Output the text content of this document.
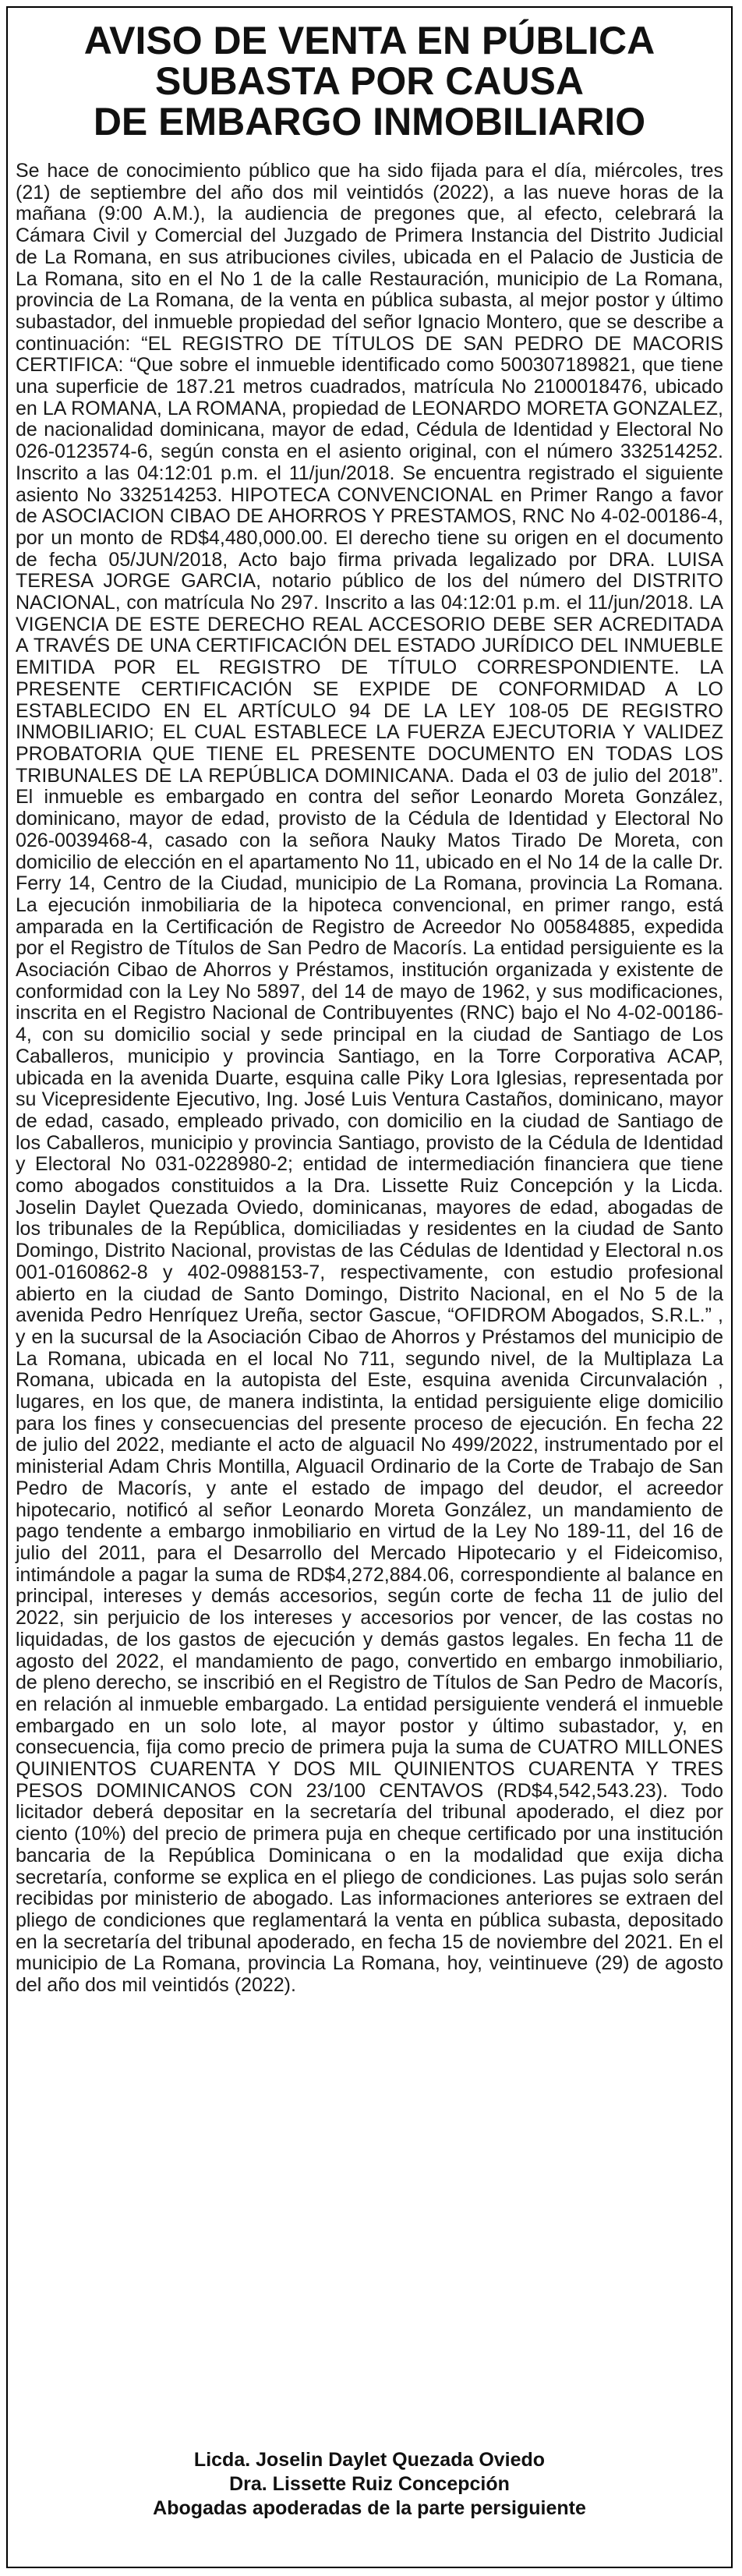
AVISO DE VENTA EN PÚBLICA
SUBASTA POR CAUSA
DE EMBARGO INMOBILIARIO

Se hace de conocimiento público que ha sido fijada para el día, miércoles, tres (21) de septiembre del año dos mil veintidós (2022), a las nueve horas de la mañana (9:00 A.M.), la audiencia de pregones que, al efecto, celebrará la Cámara Civil y Comercial del Juzgado de Primera Instancia del Distrito Judicial de La Romana, en sus atribuciones civiles, ubicada en el Palacio de Justicia de La Romana, sito en el No 1 de la calle Restauración, municipio de La Romana, provincia de La Romana, de la venta en pública subasta, al mejor postor y último subastador, del inmueble propiedad del señor Ignacio Montero, que se describe a continuación: “EL REGISTRO DE TÍTULOS DE SAN PEDRO DE MACORIS CERTIFICA: “Que sobre el inmueble identificado como 500307189821, que tiene una superficie de 187.21 metros cuadrados, matrícula No 2100018476, ubicado en LA ROMANA, LA ROMANA, propiedad de LEONARDO MORETA GONZALEZ, de nacionalidad dominicana, mayor de edad, Cédula de Identidad y Electoral No 026-0123574-6, según consta en el asiento original, con el número 332514252. Inscrito a las 04:12:01 p.m. el 11/jun/2018. Se encuentra registrado el siguiente asiento No 332514253. HIPOTECA CONVENCIONAL en Primer Rango a favor de ASOCIACION CIBAO DE AHORROS Y PRESTAMOS, RNC No 4-02-00186-4, por un monto de RD$4,480,000.00. El derecho tiene su origen en el documento de fecha 05/JUN/2018, Acto bajo firma privada legalizado por DRA. LUISA TERESA JORGE GARCIA, notario público de los del número del DISTRITO NACIONAL, con matrícula No 297. Inscrito a las 04:12:01 p.m. el 11/jun/2018. LA VIGENCIA DE ESTE DERECHO REAL ACCESORIO DEBE SER ACREDITADA A TRAVÉS DE UNA CERTIFICACIÓN DEL ESTADO JURÍDICO DEL INMUEBLE EMITIDA POR EL REGISTRO DE TÍTULO CORRESPONDIENTE. LA PRESENTE CERTIFICACIÓN SE EXPIDE DE CONFORMIDAD A LO ESTABLECIDO EN EL ARTÍCULO 94 DE LA LEY 108-05 DE REGISTRO INMOBILIARIO; EL CUAL ESTABLECE LA FUERZA EJECUTORIA Y VALIDEZ PROBATORIA QUE TIENE EL PRESENTE DOCUMENTO EN TODAS LOS TRIBUNALES DE LA REPÚBLICA DOMINICANA. Dada el 03 de julio del 2018”. El inmueble es embargado en contra del señor Leonardo Moreta González, dominicano, mayor de edad, provisto de la Cédula de Identidad y Electoral No 026-0039468-4, casado con la señora Nauky Matos Tirado De Moreta, con domicilio de elección en el apartamento No 11, ubicado en el No 14 de la calle Dr. Ferry 14, Centro de la Ciudad, municipio de La Romana, provincia La Romana. La ejecución inmobiliaria de la hipoteca convencional, en primer rango, está amparada en la Certificación de Registro de Acreedor No 00584885, expedida por el Registro de Títulos de San Pedro de Macorís. La entidad persiguiente es la Asociación Cibao de Ahorros y Préstamos, institución organizada y existente de conformidad con la Ley No 5897, del 14 de mayo de 1962, y sus modificaciones, inscrita en el Registro Nacional de Contribuyentes (RNC) bajo el No 4-02-00186-4, con su domicilio social y sede principal en la ciudad de Santiago de Los Caballeros, municipio y provincia Santiago, en la Torre Corporativa ACAP, ubicada en la avenida Duarte, esquina calle Piky Lora Iglesias, representada por su Vicepresidente Ejecutivo, Ing. José Luis Ventura Castaños, dominicano, mayor de edad, casado, empleado privado, con domicilio en la ciudad de Santiago de los Caballeros, municipio y provincia Santiago, provisto de la Cédula de Identidad y Electoral No 031-0228980-2; entidad de intermediación financiera que tiene como abogados constituidos a la Dra. Lissette Ruiz Concepción y la Licda. Joselin Daylet Quezada Oviedo, dominicanas, mayores de edad, abogadas de los tribunales de la República, domiciliadas y residentes en la ciudad de Santo Domingo, Distrito Nacional, provistas de las Cédulas de Identidad y Electoral n.os 001-0160862-8 y 402-0988153-7, respectivamente, con estudio profesional abierto en la ciudad de Santo Domingo, Distrito Nacional, en el No 5 de la avenida Pedro Henríquez Ureña, sector Gascue, “OFIDROM Abogados, S.R.L.” , y en la sucursal de la Asociación Cibao de Ahorros y Préstamos del municipio de La Romana, ubicada en el local No 711, segundo nivel, de la Multiplaza La Romana, ubicada en la autopista del Este, esquina avenida Circunvalación , lugares, en los que, de manera indistinta, la entidad persiguiente elige domicilio para los fines y consecuencias del presente proceso de ejecución. En fecha 22 de julio del 2022, mediante el acto de alguacil No 499/2022, instrumentado por el ministerial Adam Chris Montilla, Alguacil Ordinario de la Corte de Trabajo de San Pedro de Macorís, y ante el estado de impago del deudor, el acreedor hipotecario, notificó al señor Leonardo Moreta González, un mandamiento de pago tendente a embargo inmobiliario en virtud de la Ley No 189-11, del 16 de julio del 2011, para el Desarrollo del Mercado Hipotecario y el Fideicomiso, intimándole a pagar la suma de RD$4,272,884.06, correspondiente al balance en principal, intereses y demás accesorios, según corte de fecha 11 de julio del 2022, sin perjuicio de los intereses y accesorios por vencer, de las costas no liquidadas, de los gastos de ejecución y demás gastos legales. En fecha 11 de agosto del 2022, el mandamiento de pago, convertido en embargo inmobiliario, de pleno derecho, se inscribió en el Registro de Títulos de San Pedro de Macorís, en relación al inmueble embargado. La entidad persiguiente venderá el inmueble embargado en un solo lote, al mayor postor y último subastador, y, en consecuencia, fija como precio de primera puja la suma de CUATRO MILLONES QUINIENTOS CUARENTA Y DOS MIL QUINIENTOS CUARENTA Y TRES PESOS DOMINICANOS CON 23/100 CENTAVOS (RD$4,542,543.23). Todo licitador deberá depositar en la secretaría del tribunal apoderado, el diez por ciento (10%) del precio de primera puja en cheque certificado por una institución bancaria de la República Dominicana o en la modalidad que exija dicha secretaría, conforme se explica en el pliego de condiciones. Las pujas solo serán recibidas por ministerio de abogado. Las informaciones anteriores se extraen del pliego de condiciones que reglamentará la venta en pública subasta, depositado en la secretaría del tribunal apoderado, en fecha 15 de noviembre del 2021. En el municipio de La Romana, provincia La Romana, hoy, veintinueve (29) de agosto del año dos mil veintidós (2022).

Licda. Joselin Daylet Quezada Oviedo
Dra. Lissette Ruiz Concepción
Abogadas apoderadas de la parte persiguiente
